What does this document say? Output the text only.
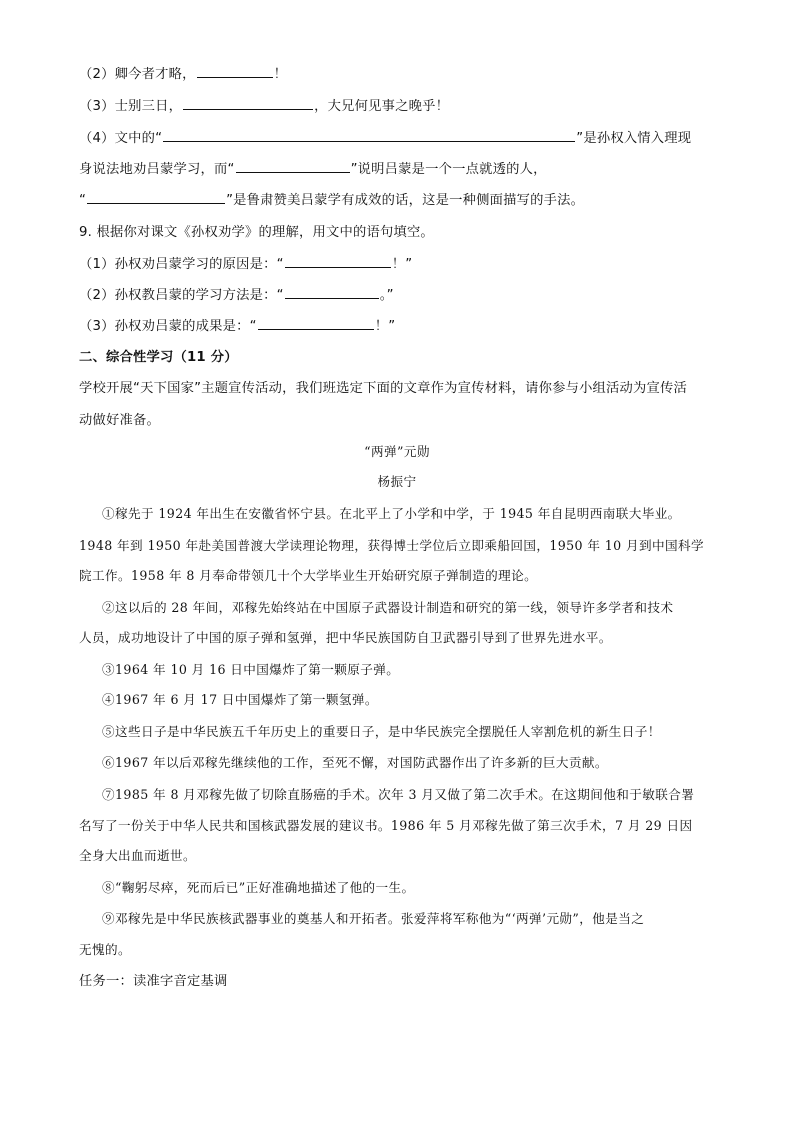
（2）卿今者才略，	！
（3）士别三日，	，大兄何见事之晚乎！
（4）文中的“	”是孙权入情入理现
身说法地劝吕蒙学习，而“	”说明吕蒙是一个一点就透的人，
“	”是鲁肃赞美吕蒙学有成效的话，这是一种侧面描写的手法。
9. 根据你对课文《孙权劝学》的理解，用文中的语句填空。
（1）孙权劝吕蒙学习的原因是：“	！”
（2）孙权教吕蒙的学习方法是：“	。”
（3）孙权劝吕蒙的成果是：“	！”
二、综合性学习（11 分）
学校开展“天下国家”主题宣传活动，我们班选定下面的文章作为宣传材料，请你参与小组活动为宣传活
动做好准备。
“两弹”元勋
杨振宁
①稼先于 1924 年出生在安徽省怀宁县。在北平上了小学和中学，于 1945 年自昆明西南联大毕业。
1948 年到 1950 年赴美国普渡大学读理论物理，获得博士学位后立即乘船回国，1950 年 10 月到中国科学
院工作。1958 年 8 月奉命带领几十个大学毕业生开始研究原子弹制造的理论。
②这以后的 28 年间，邓稼先始终站在中国原子武器设计制造和研究的第一线，领导许多学者和技术
人员，成功地设计了中国的原子弹和氢弹，把中华民族国防自卫武器引导到了世界先进水平。
③1964 年 10 月 16 日中国爆炸了第一颗原子弹。
④1967 年 6 月 17 日中国爆炸了第一颗氢弹。
⑤这些日子是中华民族五千年历史上的重要日子，是中华民族完全摆脱任人宰割危机的新生日子！
⑥1967 年以后邓稼先继续他的工作，至死不懈，对国防武器作出了许多新的巨大贡献。
⑦1985 年 8 月邓稼先做了切除直肠癌的手术。次年 3 月又做了第二次手术。在这期间他和于敏联合署
名写了一份关于中华人民共和国核武器发展的建议书。1986 年 5 月邓稼先做了第三次手术，7 月 29 日因
全身大出血而逝世。
⑧“鞠躬尽瘁，死而后已”正好准确地描述了他的一生。
⑨邓稼先是中华民族核武器事业的奠基人和开拓者。张爱萍将军称他为“‘两弹’元勋”，他是当之
无愧的。
任务一：读准字音定基调
